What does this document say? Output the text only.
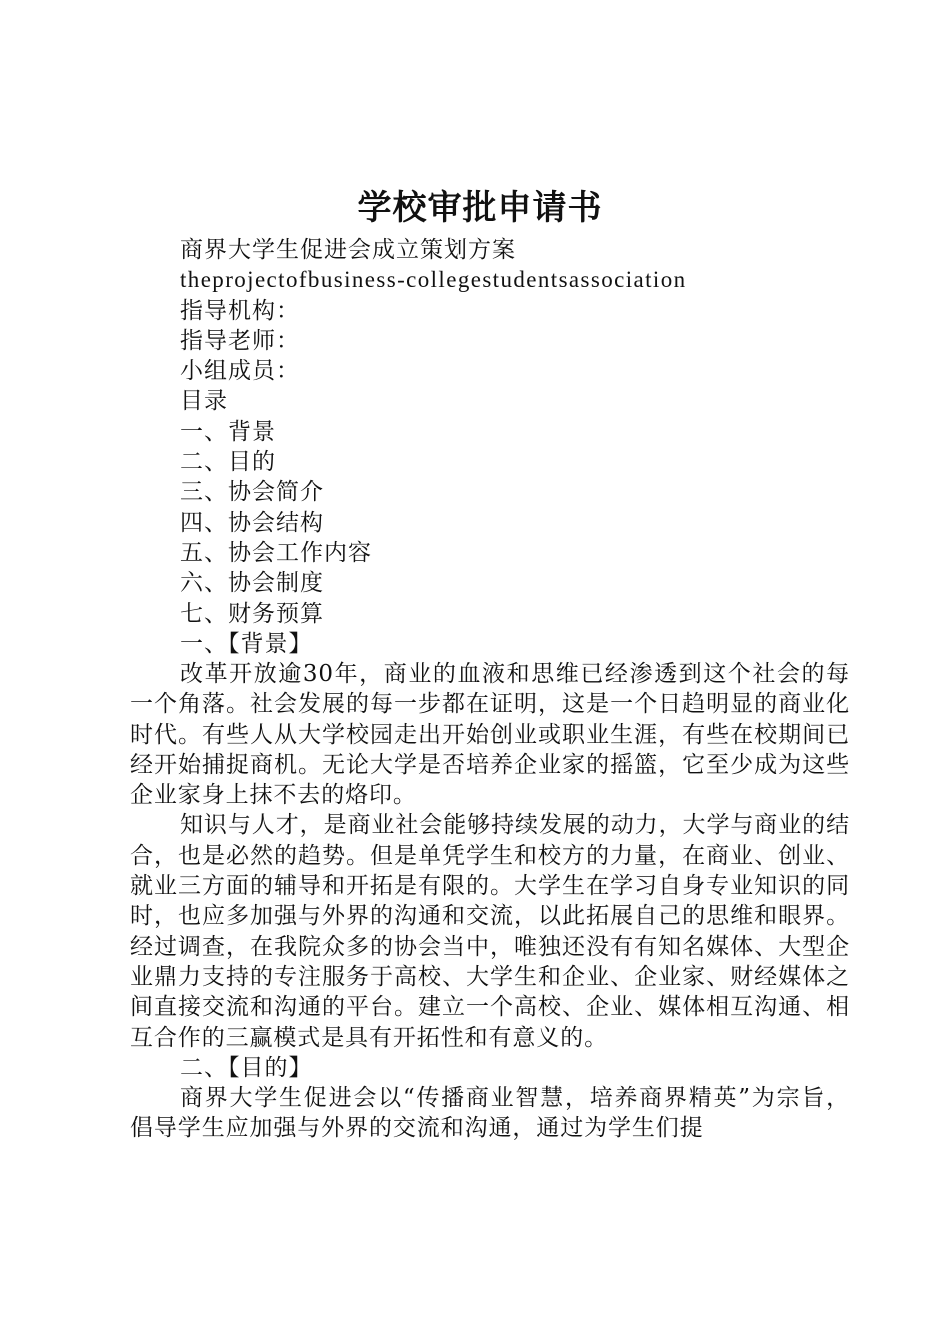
学校审批申请书
商界大学生促进会成立策划方案
theprojectofbusiness-collegestudentsassociation
指导机构：
指导老师：
小组成员：
目录
一、背景
二、目的
三、协会简介
四、协会结构
五、协会工作内容
六、协会制度
七、财务预算
一、【背景】

改革开放逾30年，商业的血液和思维已经渗透到这个社会的每一个角落。社会发展的每一步都在证明，这是一个日趋明显的商业化时代。有些人从大学校园走出开始创业或职业生涯，有些在校期间已经开始捕捉商机。无论大学是否培养企业家的摇篮，它至少成为这些企业家身上抹不去的烙印。

知识与人才，是商业社会能够持续发展的动力，大学与商业的结合，也是必然的趋势。但是单凭学生和校方的力量，在商业、创业、就业三方面的辅导和开拓是有限的。大学生在学习自身专业知识的同时，也应多加强与外界的沟通和交流，以此拓展自己的思维和眼界。经过调查，在我院众多的协会当中，唯独还没有有知名媒体、大型企业鼎力支持的专注服务于高校、大学生和企业、企业家、财经媒体之间直接交流和沟通的平台。建立一个高校、企业、媒体相互沟通、相互合作的三赢模式是具有开拓性和有意义的。

二、【目的】

商界大学生促进会以“传播商业智慧，培养商界精英”为宗旨，倡导学生应加强与外界的交流和沟通，通过为学生们提
